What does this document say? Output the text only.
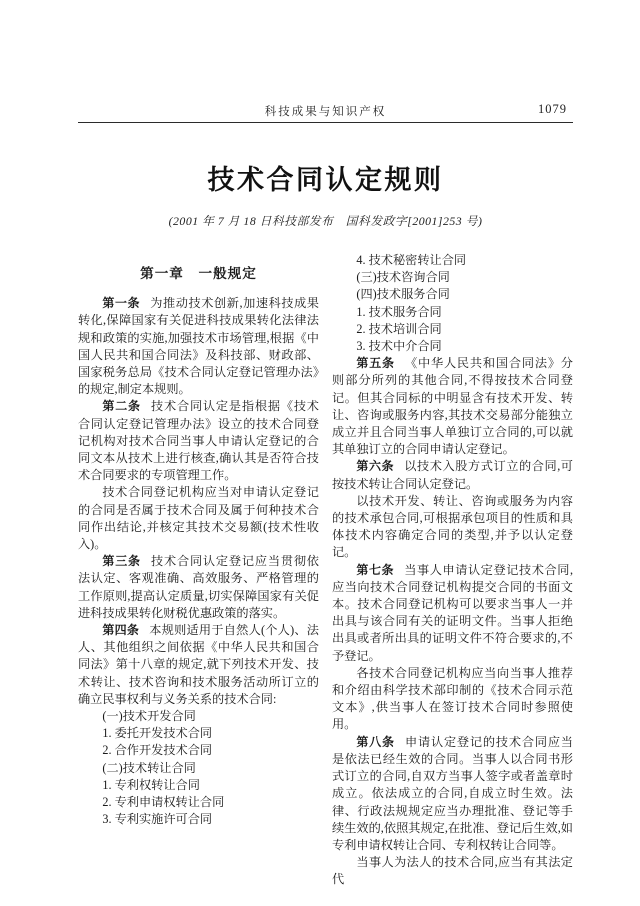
科技成果与知识产权	1079
技术合同认定规则
(2001 年 7 月 18 日科技部发布　国科发政字[2001]253 号)
第一章　一般规定

第一条 为推动技术创新,加速科技成果转化,保障国家有关促进科技成果转化法律法规和政策的实施,加强技术市场管理,根据《中国人民共和国合同法》及科技部、财政部、国家税务总局《技术合同认定登记管理办法》的规定,制定本规则。

第二条 技术合同认定是指根据《技术合同认定登记管理办法》设立的技术合同登记机构对技术合同当事人申请认定登记的合同文本从技术上进行核查,确认其是否符合技术合同要求的专项管理工作。

技术合同登记机构应当对申请认定登记的合同是否属于技术合同及属于何种技术合同作出结论,并核定其技术交易额(技术性收入)。

第三条 技术合同认定登记应当贯彻依法认定、客观准确、高效服务、严格管理的工作原则,提高认定质量,切实保障国家有关促进科技成果转化财税优惠政策的落实。

第四条 本规则适用于自然人(个人)、法人、其他组织之间依据《中华人民共和国合同法》第十八章的规定,就下列技术开发、技术转让、技术咨询和技术服务活动所订立的确立民事权利与义务关系的技术合同:

(一)技术开发合同

1. 委托开发技术合同

2. 合作开发技术合同

(二)技术转让合同

1. 专利权转让合同

2. 专利申请权转让合同

3. 专利实施许可合同

4. 技术秘密转让合同

(三)技术咨询合同

(四)技术服务合同

1. 技术服务合同

2. 技术培训合同

3. 技术中介合同

第五条 《中华人民共和国合同法》分则部分所列的其他合同,不得按技术合同登记。但其合同标的中明显含有技术开发、转让、咨询或服务内容,其技术交易部分能独立成立并且合同当事人单独订立合同的,可以就其单独订立的合同申请认定登记。

第六条 以技术入股方式订立的合同,可按技术转让合同认定登记。

以技术开发、转让、咨询或服务为内容的技术承包合同,可根据承包项目的性质和具体技术内容确定合同的类型,并予以认定登记。

第七条 当事人申请认定登记技术合同,应当向技术合同登记机构提交合同的书面文本。技术合同登记机构可以要求当事人一并出具与该合同有关的证明文件。当事人拒绝出具或者所出具的证明文件不符合要求的,不予登记。

各技术合同登记机构应当向当事人推荐和介绍由科学技术部印制的《技术合同示范文本》,供当事人在签订技术合同时参照使用。

第八条 申请认定登记的技术合同应当是依法已经生效的合同。当事人以合同书形式订立的合同,自双方当事人签字或者盖章时成立。依法成立的合同,自成立时生效。法律、行政法规规定应当办理批准、登记等手续生效的,依照其规定,在批准、登记后生效,如专利申请权转让合同、专利权转让合同等。

当事人为法人的技术合同,应当有其法定代
